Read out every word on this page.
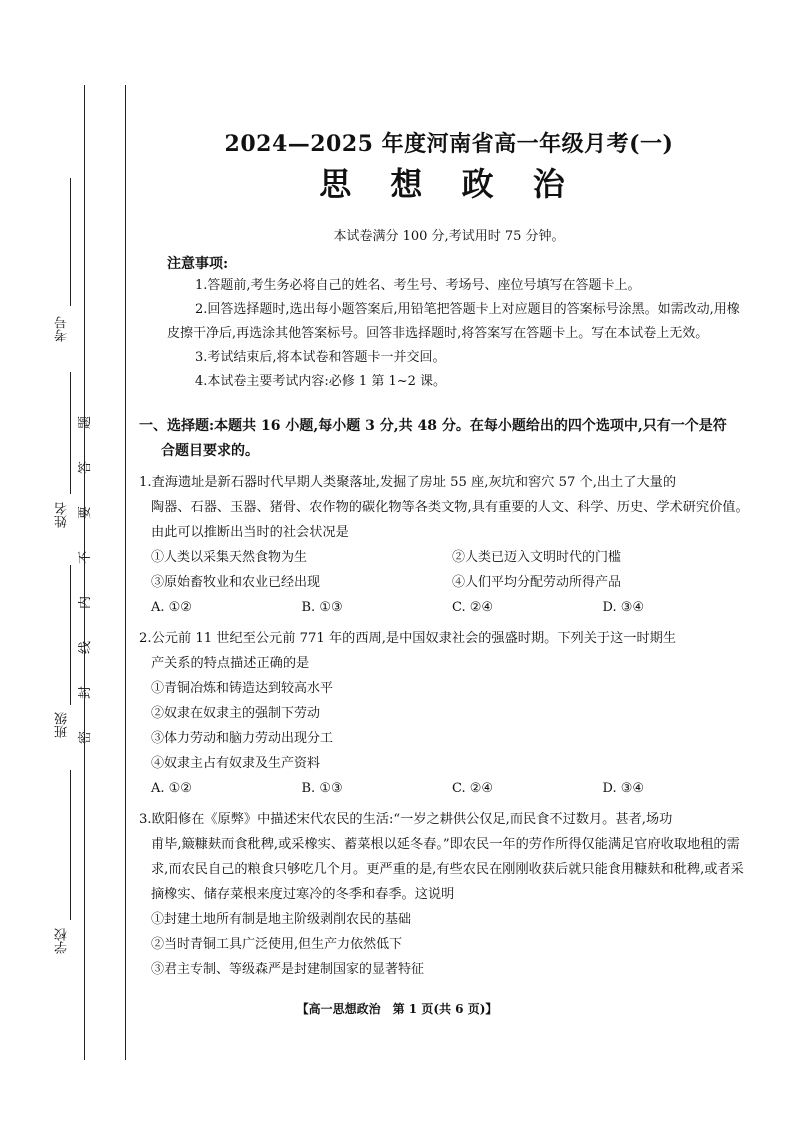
考号
姓名
班级
学校
题
答
要
不
内
线
封
密
2024—2025 年度河南省高一年级月考(一)
思 想 政 治
本试卷满分 100 分,考试用时 75 分钟。
注意事项:

1.答题前,考生务必将自己的姓名、考生号、考场号、座位号填写在答题卡上。

2.回答选择题时,选出每小题答案后,用铅笔把答题卡上对应题目的答案标号涂黑。如需改动,用橡皮擦干净后,再选涂其他答案标号。回答非选择题时,将答案写在答题卡上。写在本试卷上无效。

3.考试结束后,将本试卷和答题卡一并交回。

4.本试卷主要考试内容:必修 1 第 1~2 课。

一、选择题:本题共 16 小题,每小题 3 分,共 48 分。在每小题给出的四个选项中,只有一个是符
合题目要求的。

1.査海遗址是新石器时代早期人类聚落址,发掘了房址 55 座,灰坑和窖穴 57 个,出土了大量的

陶器、石器、玉器、猪骨、农作物的碳化物等各类文物,具有重要的人文、科学、历史、学术研究价值。由此可以推断出当时的社会状况是

①人类以采集天然食物为生	②人类已迈入文明时代的门槛
③原始畜牧业和农业已经出现	④人们平均分配劳动所得产品
A. ①②	B. ①③	C. ②④	D. ③④

2.公元前 11 世纪至公元前 771 年的西周,是中国奴隶社会的强盛时期。下列关于这一时期生

产关系的特点描述正确的是

①青铜冶炼和铸造达到较高水平
②奴隶在奴隶主的强制下劳动
③体力劳动和脑力劳动出现分工
④奴隶主占有奴隶及生产资料
A. ①②	B. ①③	C. ②④	D. ③④

3.欧阳修在《原弊》中描述宋代农民的生活:“一岁之耕供公仅足,而民食不过数月。甚者,场功

甫毕,簸糠麸而食秕稗,或采橡实、蓄菜根以延冬春。”即农民一年的劳作所得仅能满足官府收取地租的需求,而农民自己的粮食只够吃几个月。更严重的是,有些农民在刚刚收获后就只能食用糠麸和秕稗,或者采摘橡实、储存菜根来度过寒冷的冬季和春季。这说明

①封建土地所有制是地主阶级剥削农民的基础
②当时青铜工具广泛使用,但生产力依然低下
③君主专制、等级森严是封建制国家的显著特征
【高一思想政治　第 1 页(共 6 页)】
